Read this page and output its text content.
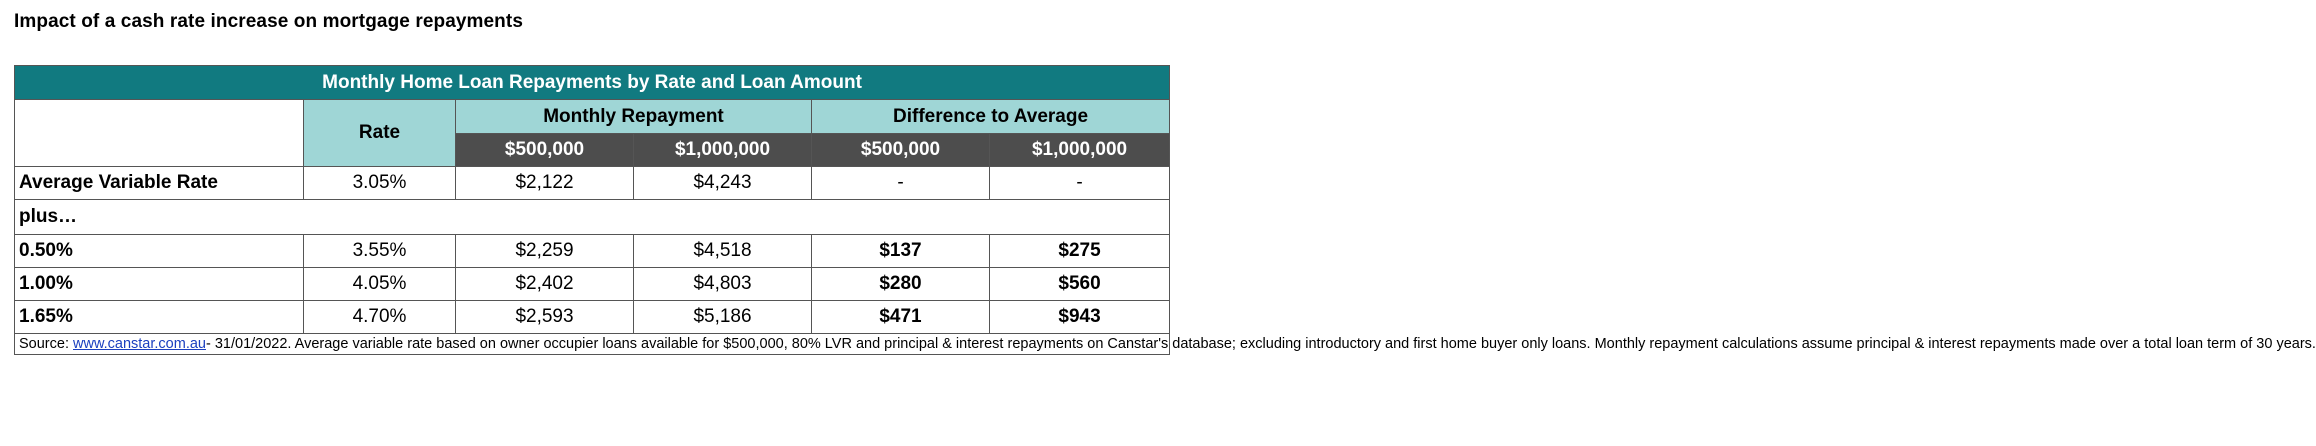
Impact of a cash rate increase on mortgage repayments
Monthly Home Loan Repayments by Rate and Loan Amount					
	Rate	Monthly Repayment		Difference to Average	
		$500,000	$1,000,000	$500,000	$1,000,000
Average Variable Rate	3.05%	$2,122	$4,243	-	-
plus…					
0.50%	3.55%	$2,259	$4,518	$137	$275
1.00%	4.05%	$2,402	$4,803	$280	$560
1.65%	4.70%	$2,593	$5,186	$471	$943
Source: www.canstar.com.au- 31/01/2022. Average variable rate based on owner occupier loans available for $500,000, 80% LVR and principal & interest repayments on Canstar's database; excluding introductory and first home buyer only loans. Monthly repayment calculations assume principal & interest repayments made over a total loan term of 30 years.					
